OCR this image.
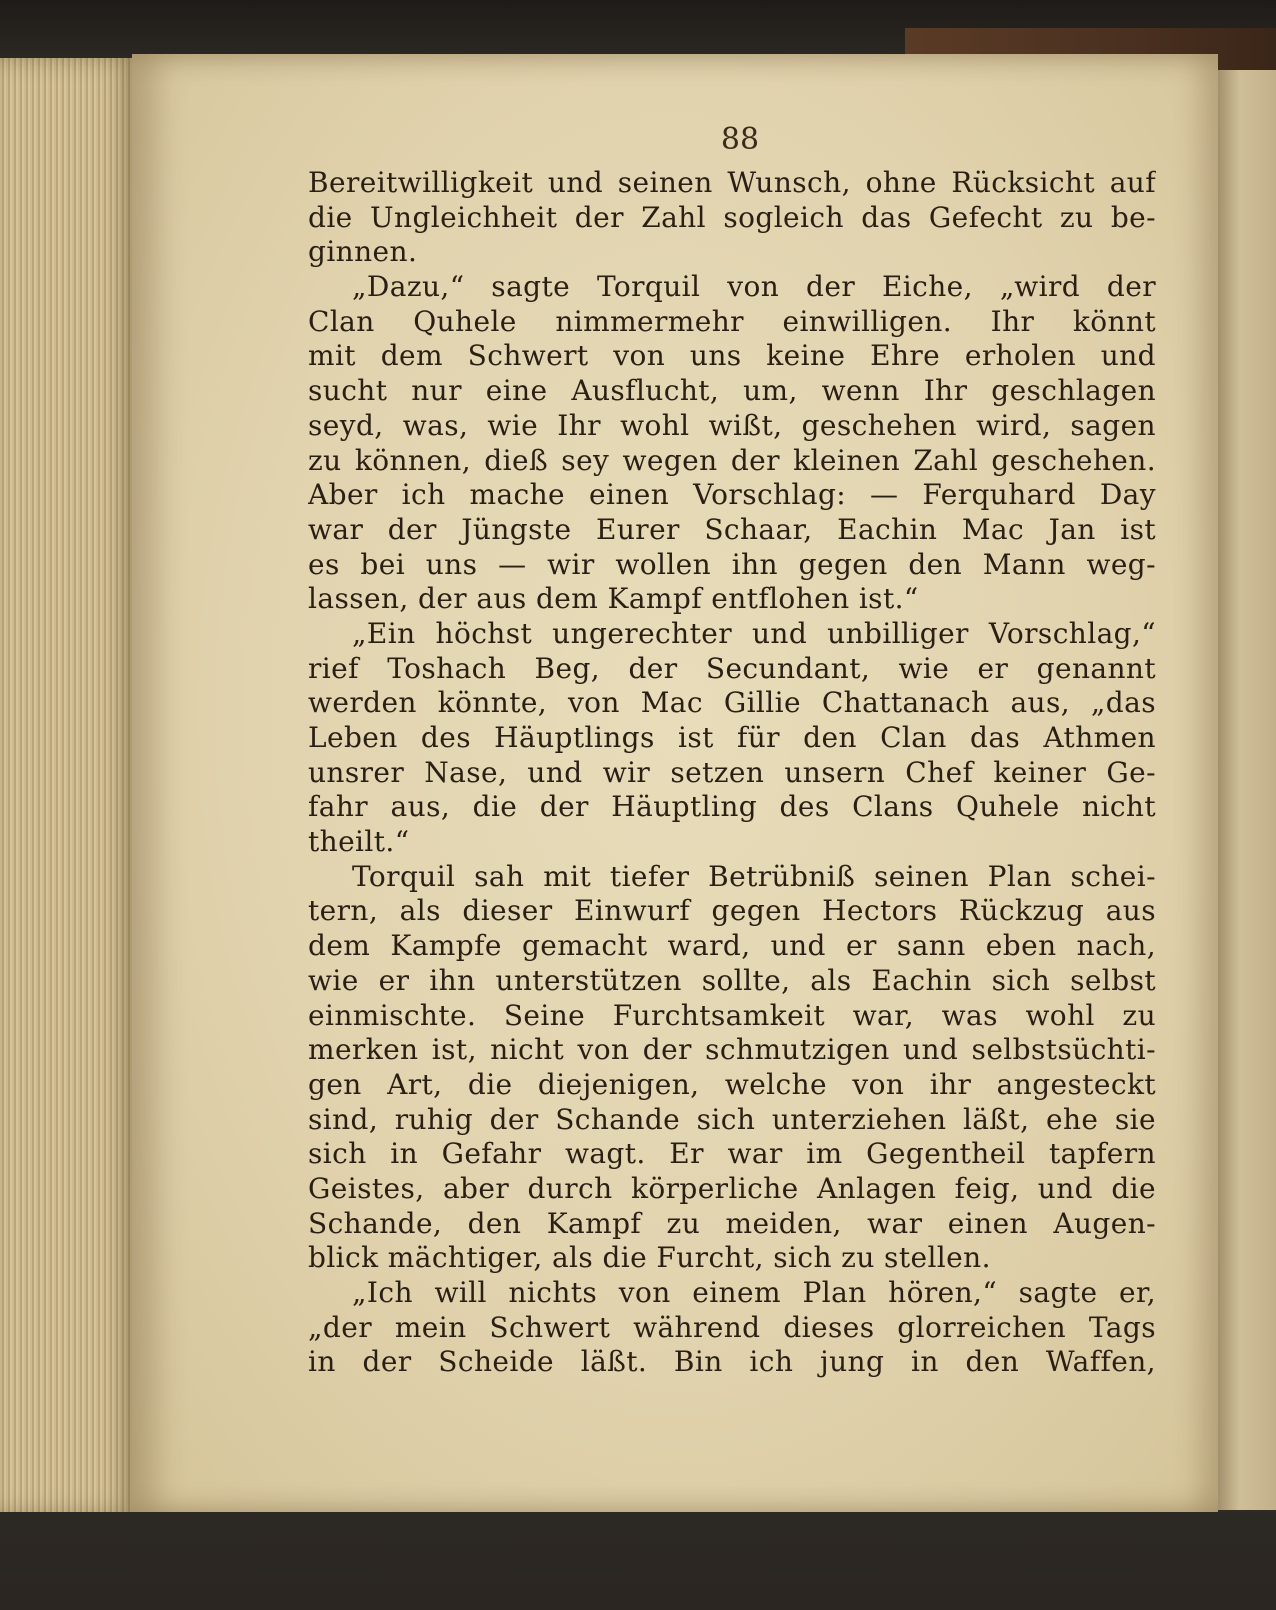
88
Bereitwilligkeit und seinen Wunsch, ohne Rücksicht auf
die Ungleichheit der Zahl sogleich das Gefecht zu be-
ginnen.
„Dazu,“ sagte Torquil von der Eiche, „wird der
Clan Quhele nimmermehr einwilligen. Ihr könnt
mit dem Schwert von uns keine Ehre erholen und
sucht nur eine Ausflucht, um, wenn Ihr geschlagen
seyd, was, wie Ihr wohl wißt, geschehen wird, sagen
zu können, dieß sey wegen der kleinen Zahl geschehen.
Aber ich mache einen Vorschlag: — Ferquhard Day
war der Jüngste Eurer Schaar, Eachin Mac Jan ist
es bei uns — wir wollen ihn gegen den Mann weg-
lassen, der aus dem Kampf entflohen ist.“
„Ein höchst ungerechter und unbilliger Vorschlag,“
rief Toshach Beg, der Secundant, wie er genannt
werden könnte, von Mac Gillie Chattanach aus, „das
Leben des Häuptlings ist für den Clan das Athmen
unsrer Nase, und wir setzen unsern Chef keiner Ge-
fahr aus, die der Häuptling des Clans Quhele nicht
theilt.“
Torquil sah mit tiefer Betrübniß seinen Plan schei-
tern, als dieser Einwurf gegen Hectors Rückzug aus
dem Kampfe gemacht ward, und er sann eben nach,
wie er ihn unterstützen sollte, als Eachin sich selbst
einmischte. Seine Furchtsamkeit war, was wohl zu
merken ist, nicht von der schmutzigen und selbstsüchti-
gen Art, die diejenigen, welche von ihr angesteckt
sind, ruhig der Schande sich unterziehen läßt, ehe sie
sich in Gefahr wagt. Er war im Gegentheil tapfern
Geistes, aber durch körperliche Anlagen feig, und die
Schande, den Kampf zu meiden, war einen Augen-
blick mächtiger, als die Furcht, sich zu stellen.
„Ich will nichts von einem Plan hören,“ sagte er,
„der mein Schwert während dieses glorreichen Tags
in der Scheide läßt. Bin ich jung in den Waffen,
